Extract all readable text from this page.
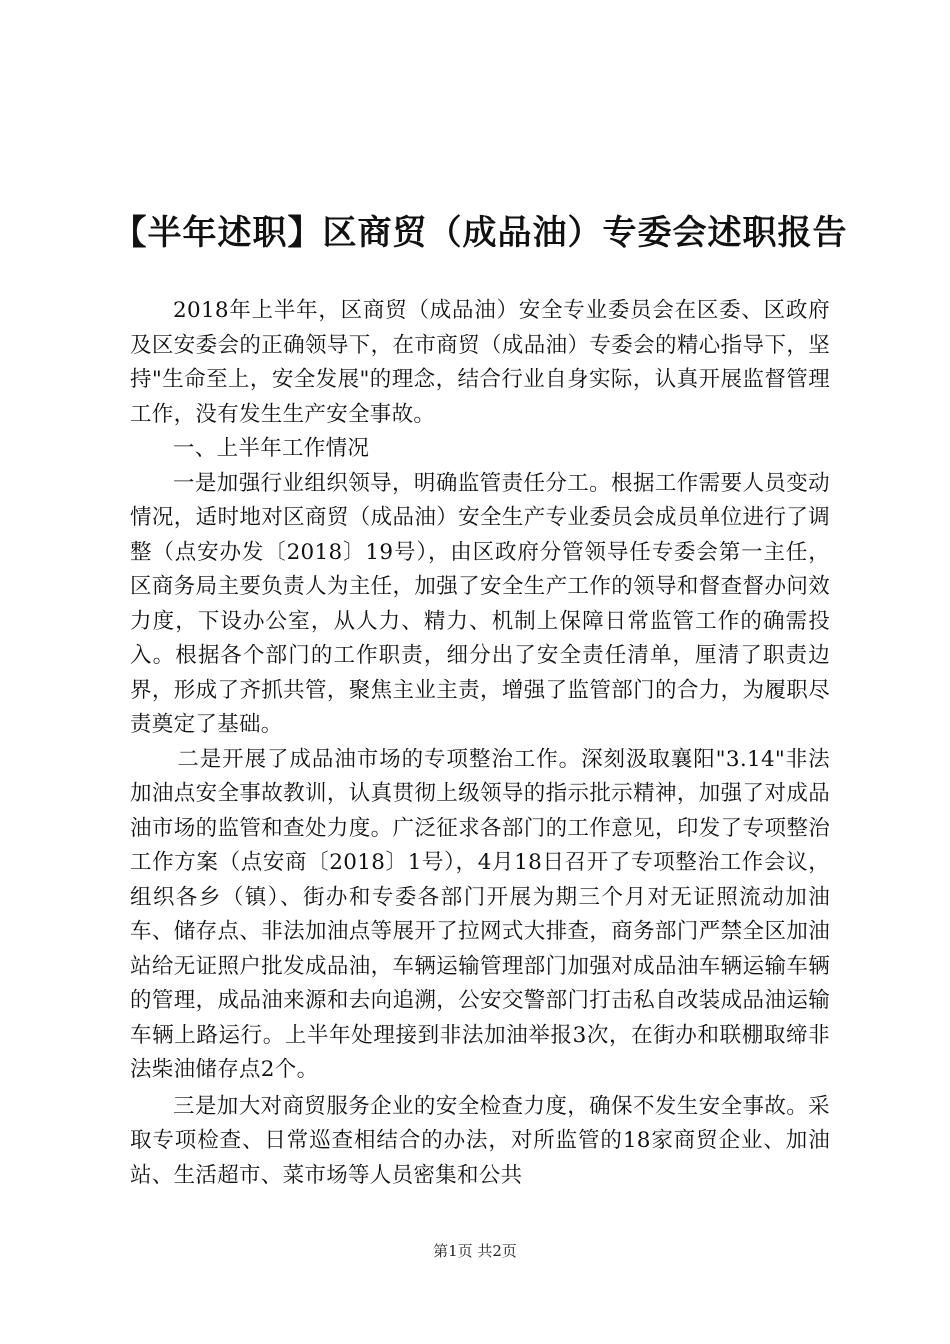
【半年述职】区商贸（成品油）专委会述职报告

2018年上半年，区商贸（成品油）安全专业委员会在区委、区政府及区安委会的正确领导下，在市商贸（成品油）专委会的精心指导下，坚持"生命至上，安全发展"的理念，结合行业自身实际，认真开展监督管理工作，没有发生生产安全事故。

一、上半年工作情况

一是加强行业组织领导，明确监管责任分工。根据工作需要人员变动情况，适时地对区商贸（成品油）安全生产专业委员会成员单位进行了调整（点安办发〔2018〕19号），由区政府分管领导任专委会第一主任，区商务局主要负责人为主任，加强了安全生产工作的领导和督查督办问效力度，下设办公室，从人力、精力、机制上保障日常监管工作的确需投入。根据各个部门的工作职责，细分出了安全责任清单，厘清了职责边界，形成了齐抓共管，聚焦主业主责，增强了监管部门的合力，为履职尽责奠定了基础。

二是开展了成品油市场的专项整治工作。深刻汲取襄阳"3.14"非法加油点安全事故教训，认真贯彻上级领导的指示批示精神，加强了对成品油市场的监管和查处力度。广泛征求各部门的工作意见，印发了专项整治工作方案（点安商〔2018〕1号），4月18日召开了专项整治工作会议，组织各乡（镇）、街办和专委各部门开展为期三个月对无证照流动加油车、储存点、非法加油点等展开了拉网式大排查，商务部门严禁全区加油站给无证照户批发成品油，车辆运输管理部门加强对成品油车辆运输车辆的管理，成品油来源和去向追溯，公安交警部门打击私自改装成品油运输车辆上路运行。上半年处理接到非法加油举报3次，在街办和联棚取缔非法柴油储存点2个。

三是加大对商贸服务企业的安全检查力度，确保不发生安全事故。采取专项检查、日常巡查相结合的办法，对所监管的18家商贸企业、加油站、生活超市、菜市场等人员密集和公共

第1页 共2页
